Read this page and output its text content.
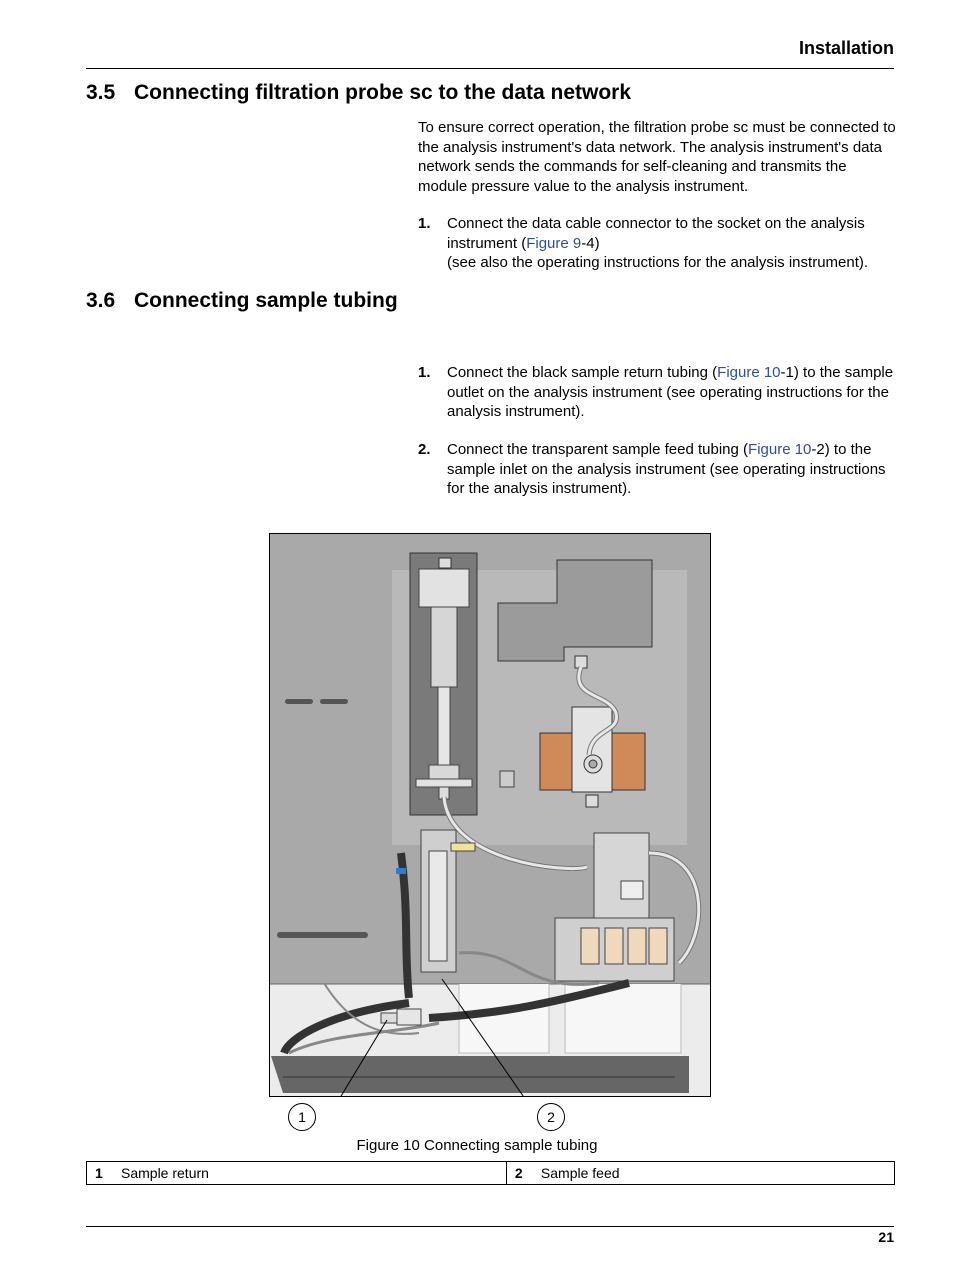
Installation
3.5 Connecting filtration probe sc to the data network

To ensure correct operation, the filtration probe sc must be connected to the analysis instrument's data network. The analysis instrument's data network sends the commands for self-cleaning and transmits the module pressure value to the analysis instrument.

1. Connect the data cable connector to the socket on the analysis instrument (Figure 9-4)
(see also the operating instructions for the analysis instrument).
3.6 Connecting sample tubing
1. Connect the black sample return tubing (Figure 10-1) to the sample outlet on the analysis instrument (see operating instructions for the analysis instrument).
2. Connect the transparent sample feed tubing (Figure 10-2) to the sample inlet on the analysis instrument (see operating instructions for the analysis instrument).
1	2
Figure 10 Connecting sample tubing
1 Sample return	2 Sample feed
21
